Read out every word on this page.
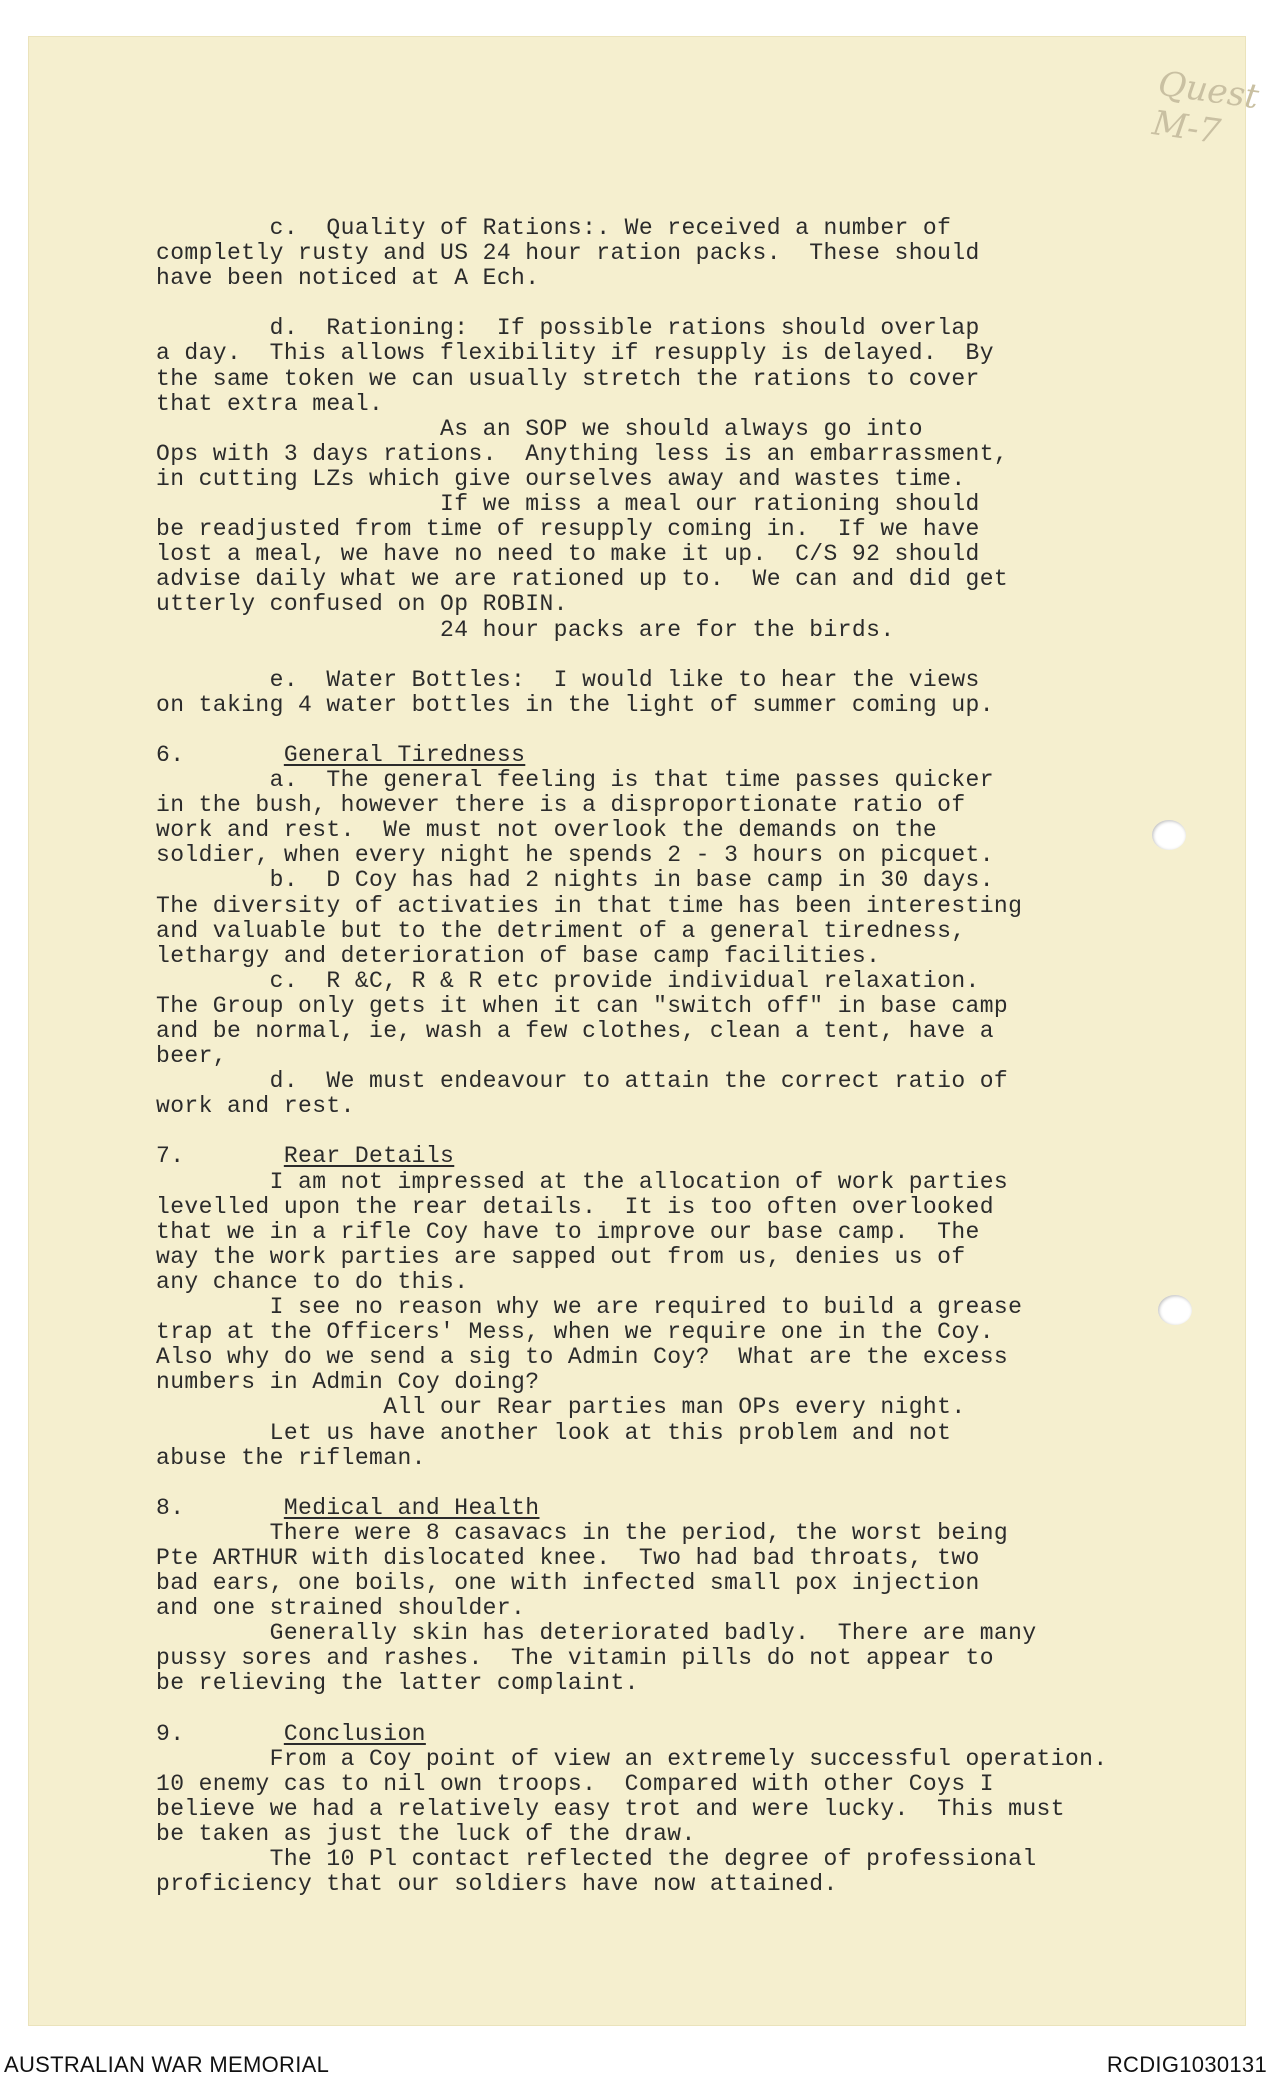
Quest M-7
c.  Quality of Rations:. We received a number of
completly rusty and US 24 hour ration packs.  These should
have been noticed at A Ech.
d.  Rationing:  If possible rations should overlap
a day.  This allows flexibility if resupply is delayed.  By
the same token we can usually stretch the rations to cover
that extra meal.
As an SOP we should always go into
Ops with 3 days rations.  Anything less is an embarrassment,
in cutting LZs which give ourselves away and wastes time.
If we miss a meal our rationing should
be readjusted from time of resupply coming in.  If we have
lost a meal, we have no need to make it up.  C/S 92 should
advise daily what we are rationed up to.  We can and did get
utterly confused on Op ROBIN.
24 hour packs are for the birds.
e.  Water Bottles:  I would like to hear the views
on taking 4 water bottles in the light of summer coming up.
6.	General Tiredness
a.  The general feeling is that time passes quicker
in the bush, however there is a disproportionate ratio of
work and rest.  We must not overlook the demands on the
soldier, when every night he spends 2 - 3 hours on picquet.
b.  D Coy has had 2 nights in base camp in 30 days.
The diversity of activaties in that time has been interesting
and valuable but to the detriment of a general tiredness,
lethargy and deterioration of base camp facilities.
c.  R &C, R & R etc provide individual relaxation.
The Group only gets it when it can "switch off" in base camp
and be normal, ie, wash a few clothes, clean a tent, have a
beer,
d.  We must endeavour to attain the correct ratio of
work and rest.
7.	Rear Details
I am not impressed at the allocation of work parties
levelled upon the rear details.  It is too often overlooked
that we in a rifle Coy have to improve our base camp.  The
way the work parties are sapped out from us, denies us of
any chance to do this.
I see no reason why we are required to build a grease
trap at the Officers' Mess, when we require one in the Coy.
Also why do we send a sig to Admin Coy?  What are the excess
numbers in Admin Coy doing?
All our Rear parties man OPs every night.
Let us have another look at this problem and not
abuse the rifleman.
8.	Medical and Health
There were 8 casavacs in the period, the worst being
Pte ARTHUR with dislocated knee.  Two had bad throats, two
bad ears, one boils, one with infected small pox injection
and one strained shoulder.
Generally skin has deteriorated badly.  There are many
pussy sores and rashes.  The vitamin pills do not appear to
be relieving the latter complaint.
9.	Conclusion
From a Coy point of view an extremely successful operation.
10 enemy cas to nil own troops.  Compared with other Coys I
believe we had a relatively easy trot and were lucky.  This must
be taken as just the luck of the draw.
The 10 Pl contact reflected the degree of professional
proficiency that our soldiers have now attained.
AUSTRALIAN WAR MEMORIAL	RCDIG1030131
